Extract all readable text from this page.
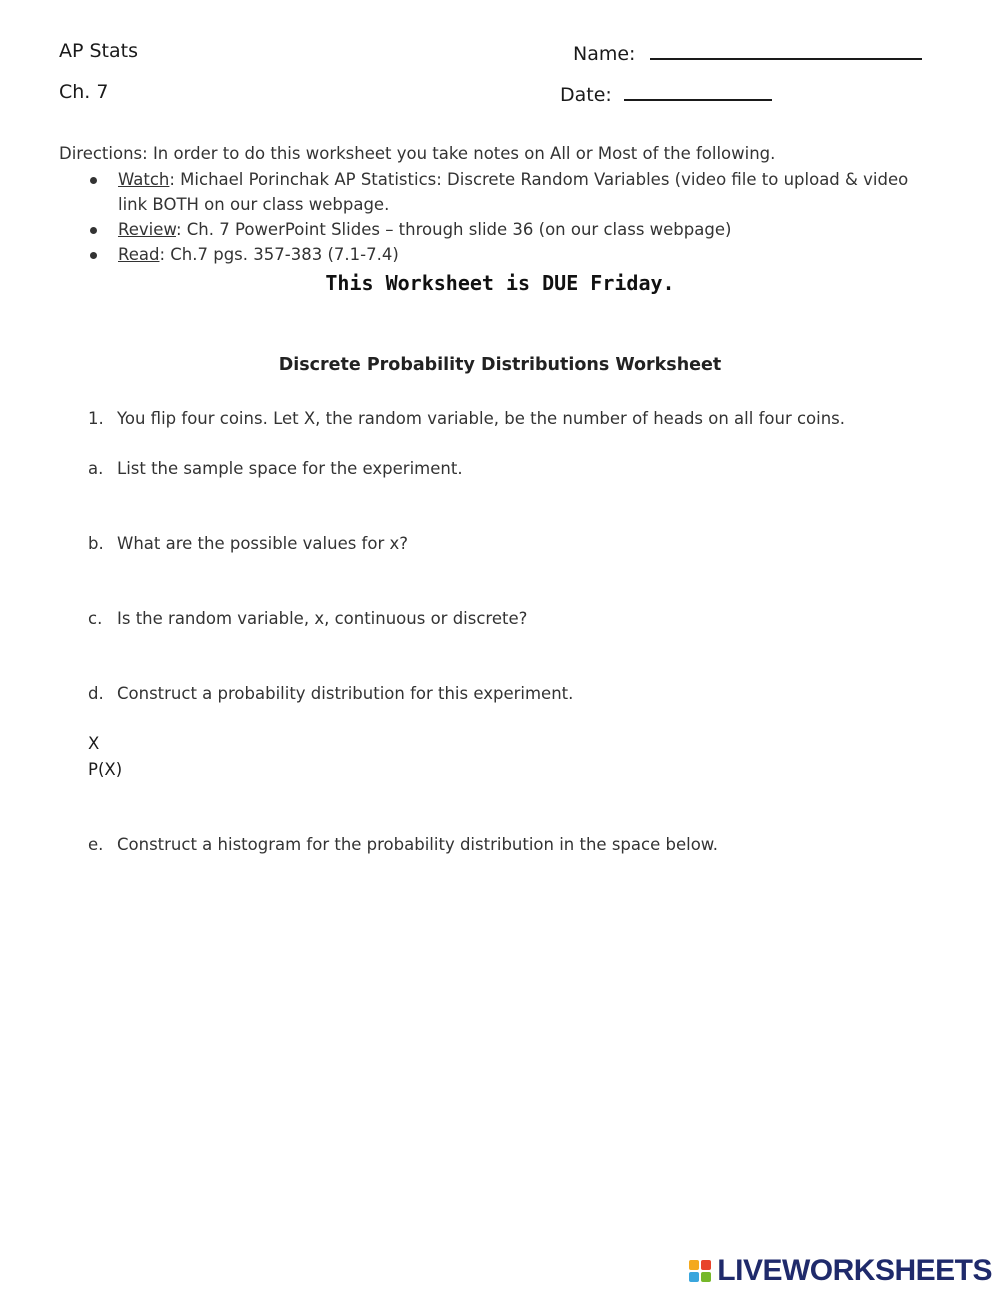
AP Stats
Ch. 7
Name:
Date:
Directions: In order to do this worksheet you take notes on All or Most of the following.
Watch: Michael Porinchak AP Statistics: Discrete Random Variables (video file to upload & video link BOTH on our class webpage.
Review: Ch. 7 PowerPoint Slides – through slide 36 (on our class webpage)
Read: Ch.7 pgs. 357-383 (7.1-7.4)
This Worksheet is DUE Friday.
Discrete Probability Distributions Worksheet
1. You flip four coins. Let X, the random variable, be the number of heads on all four coins.
a. List the sample space for the experiment.
b. What are the possible values for x?
c. Is the random variable, x, continuous or discrete?
d. Construct a probability distribution for this experiment.
X
P(X)
e. Construct a histogram for the probability distribution in the space below.
LIVEWORKSHEETS
